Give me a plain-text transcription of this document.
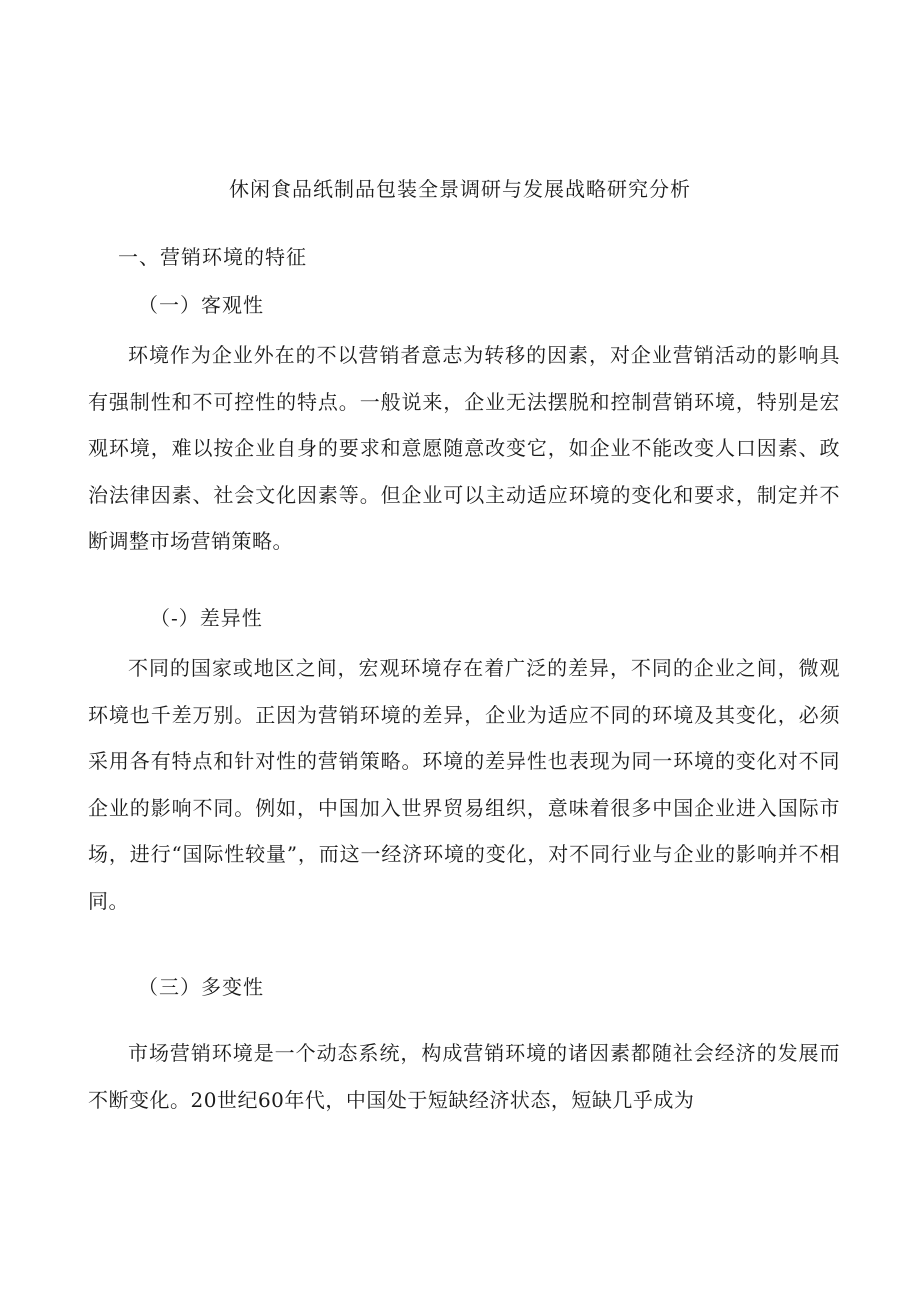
休闲食品纸制品包装全景调研与发展战略研究分析
一、营销环境的特征
（一）客观性

环境作为企业外在的不以营销者意志为转移的因素，对企业营销活动的影响具有强制性和不可控性的特点。一般说来，企业无法摆脱和控制营销环境，特别是宏观环境，难以按企业自身的要求和意愿随意改变它，如企业不能改变人口因素、政治法律因素、社会文化因素等。但企业可以主动适应环境的变化和要求，制定并不断调整市场营销策略。

（-）差异性

不同的国家或地区之间，宏观环境存在着广泛的差异，不同的企业之间，微观环境也千差万别。正因为营销环境的差异，企业为适应不同的环境及其变化，必须采用各有特点和针对性的营销策略。环境的差异性也表现为同一环境的变化对不同企业的影响不同。例如，中国加入世界贸易组织，意味着很多中国企业进入国际市场，进行“国际性较量”，而这一经济环境的变化，对不同行业与企业的影响并不相同。

（三）多变性

市场营销环境是一个动态系统，构成营销环境的诸因素都随社会经济的发展而不断变化。20世纪60年代，中国处于短缺经济状态，短缺几乎成为
